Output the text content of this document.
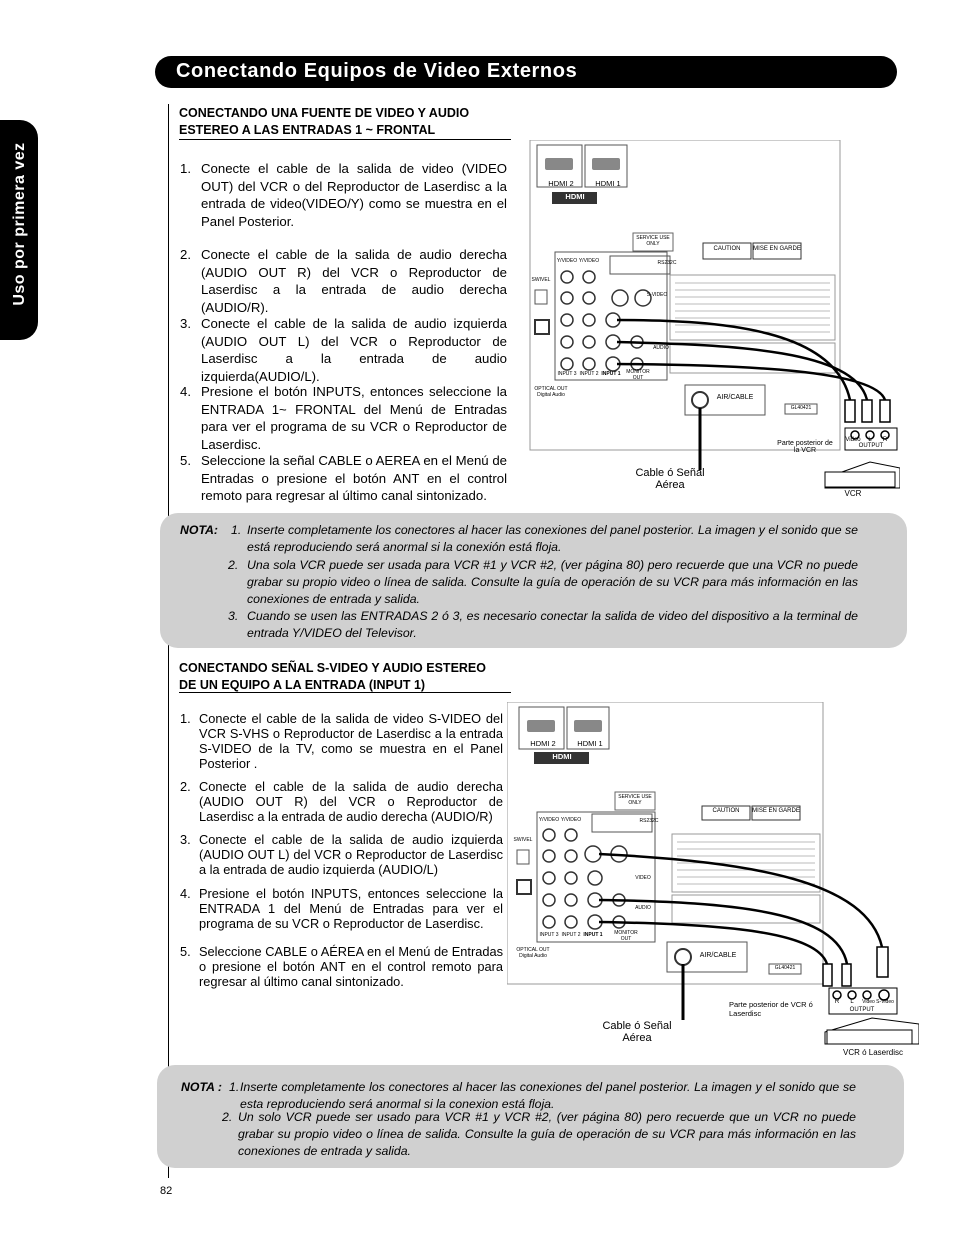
Conectando Equipos de Video Externos
Uso por primera vez
CONECTANDO UNA FUENTE DE VIDEO Y AUDIO
ESTEREO A LAS ENTRADAS 1 ~ FRONTAL
1. Conecte el cable de la salida de video (VIDEO OUT) del VCR o del Reproductor de Laserdisc a la entrada de video(VIDEO/Y) como se muestra en el Panel Posterior.
2. Conecte el cable de la salida de audio derecha (AUDIO OUT R) del VCR o Reproductor de Laserdisc a la entrada de audio derecha (AUDIO/R).
3. Conecte el cable de la salida de audio izquierda (AUDIO OUT L) del VCR o Reproductor de Laserdisc a la entrada de audio izquierda(AUDIO/L).
4. Presione el botón INPUTS, entonces seleccione la ENTRADA 1~ FRONTAL del Menú de Entradas para ver el programa de su VCR o Reproductor de Laserdisc.
5. Seleccione la señal CABLE o AEREA en el Menú de Entradas o presione el botón ANT en el control remoto para regresar al último canal sintonizado.
HDMI 2	HDMI 1
HDMI
SERVICE USE ONLY
RS232C
CAUTION	MISE EN GARDE
Y/VIDEO Y/VIDEO
S-VIDEO
AUDIO
SWIVEL
INPUT 3 INPUT 2 INPUT 1	MONITOR OUT
OPTICAL OUT
Digital Audio	AIR/CABLE
GL40421
Parte posterior de la VCR
Video	L	R
OUTPUT
VCR
Cable ó Señal Aérea
NOTA: 1. Inserte completamente los conectores al hacer las conexiones del panel posterior. La imagen y el sonido que se está reproduciendo será anormal si la conexión está floja.
2. Una sola VCR puede ser usada para VCR #1 y VCR #2, (ver página 80) pero recuerde que una VCR no puede grabar su propio video o línea de salida. Consulte la guía de operación de su VCR para más información en las conexiones de entrada y salida.
3. Cuando se usen las ENTRADAS 2 ó 3, es necesario conectar la salida de video del dispositivo a la terminal de entrada Y/VIDEO del Televisor.
CONECTANDO SEÑAL S-VIDEO Y AUDIO ESTEREO
DE UN EQUIPO A LA ENTRADA (INPUT 1)
1. Conecte el cable de la salida de video S-VIDEO del VCR S-VHS o Reproductor de Laserdisc a la entrada S-VIDEO de la TV, como se muestra en el Panel Posterior .
2. Conecte el cable de la salida de audio derecha (AUDIO OUT R) del VCR o Reproductor de Laserdisc a la entrada de audio derecha (AUDIO/R)
3. Conecte el cable de la salida de audio izquierda (AUDIO OUT L) del VCR o Reproductor de Laserdisc a la entrada de audio izquierda (AUDIO/L)
4. Presione el botón INPUTS, entonces seleccione la ENTRADA 1 del Menú de Entradas para ver el programa de su VCR o Reproductor de Laserdisc.
5. Seleccione CABLE o AÉREA en el Menú de Entradas o presione el botón ANT en el control remoto para regresar al último canal sintonizado.
HDMI 2	HDMI 1
HDMI
SERVICE USE ONLY
RS232C
CAUTION	MISE EN GARDE
Y/VIDEO Y/VIDEO
VIDEO
AUDIO
SWIVEL
INPUT 3 INPUT 2 INPUT 1	MONITOR OUT
OPTICAL OUT
Digital Audio	AIR/CABLE
GL40421
Parte posterior de VCR ó Laserdisc
R	L	Video S-Video
OUTPUT
VCR ó Laserdisc
Cable ó Señal Aérea
NOTA : 1. Inserte completamente los conectores al hacer las conexiones del panel posterior. La imagen y el sonido que se esta reproduciendo será anormal si la conexion está floja.
2. Un solo VCR puede ser usado para VCR #1 y VCR #2, (ver página 80) pero recuerde que un VCR no puede grabar su propio video o línea de salida. Consulte la guía de operación de su VCR para más información en las conexiones de entrada y salida.
82
